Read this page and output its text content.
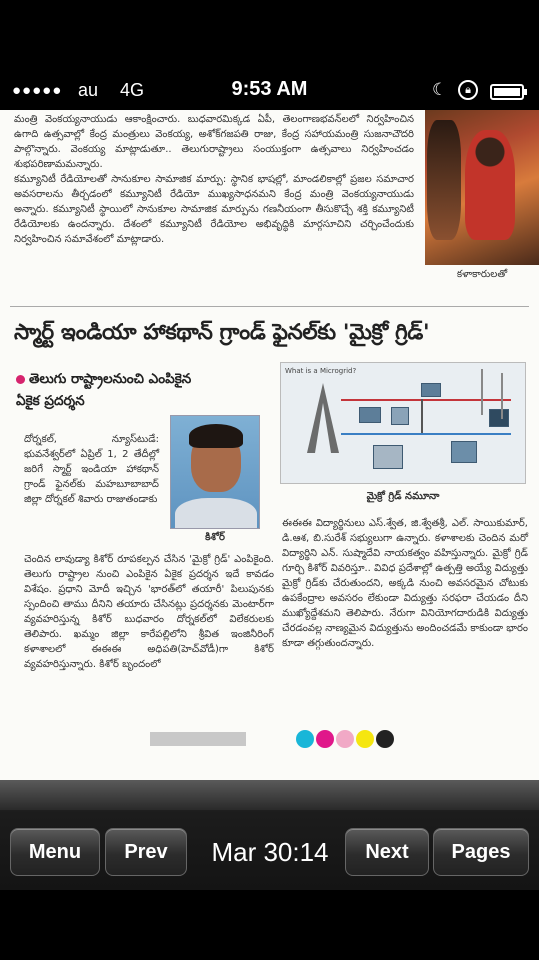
●●●●● au 4G	9:53 AM	☾	🔒︎

మంత్రి వెంకయ్యనాయుడు ఆకాంక్షించారు. బుధవారమిక్కడ ఏపీ, తెలంగాణభవన్‌లలో నిర్వహించిన ఉగాది ఉత్సవాల్లో కేంద్ర మంత్రులు వెంకయ్య, అశోక్‌గజపతి రాజు, కేంద్ర సహాయమంత్రి సుజనాచౌదరి పాల్గొన్నారు. వెంకయ్య మాట్లాడుతూ.. తెలుగురాష్ట్రాలు సంయుక్తంగా ఉత్సవాలు నిర్వహించడం శుభపరిణామమన్నారు.

కమ్యూనిటీ రేడియోలతో సానుకూల సామాజిక మార్పు: స్థానిక భాషల్లో, మాండలికాల్లో ప్రజల సమాచార అవసరాలను తీర్చడంలో కమ్యూనిటీ రేడియో ముఖ్యసాధనమని కేంద్ర మంత్రి వెంకయ్యనాయుడు అన్నారు. కమ్యూనిటీ స్థాయిలో సానుకూల సామాజిక మార్పును గణనీయంగా తీసుకొచ్చే శక్తి కమ్యూనిటీ రేడియోలకు ఉందన్నారు. దేశంలో కమ్యూనిటీ రేడియోల అభివృద్ధికి మార్గసూచిని చర్చించేందుకు నిర్వహించిన సమావేశంలో మాట్లాడారు.

కళాకారులతో
స్మార్ట్ ఇండియా హాకథాన్ గ్రాండ్ ఫైనల్‌కు 'మైక్రో గ్రిడ్'
తెలుగు రాష్ట్రాలనుంచి ఎంపికైన
ఏకైక ప్రదర్శన
దోర్నకల్, న్యూస్‌టుడే: భువనేశ్వర్‌లో ఏప్రిల్ 1, 2 తేదీల్లో జరిగే స్మార్ట్ ఇండియా హాకథాన్ గ్రాండ్ ఫైనల్‌కు మహబూబాబాద్ జిల్లా దోర్నకల్ శివారు రాజుతండాకు
కిశోర్
చెందిన లావుడ్యా కిశోర్ రూపకల్పన చేసిన 'మైక్రో గ్రిడ్' ఎంపికైంది. తెలుగు రాష్ట్రాల నుంచి ఎంపికైన ఏకైక ప్రదర్శన ఇదే కావడం విశేషం. ప్రధాని మోదీ ఇచ్చిన 'భారత్‌లో తయారీ' పిలుపునకు స్పందించి తాము దీనిని తయారు చేసినట్లు ప్రదర్శనకు మెంటార్‌గా వ్యవహరిస్తున్న కిశోర్ బుధవారం దోర్నకల్‌లో విలేకరులకు తెలిపారు. ఖమ్మం జిల్లా కారేపల్లిలోని శ్రీవిత ఇంజినీరింగ్ కళాశాలలో ఈఈఈ అధిపతి(హెచ్‌వోడీ)గా కిశోర్ వ్యవహరిస్తున్నారు. కిశోర్ బృందంలో
What is a Microgrid?
మైక్రో గ్రిడ్ నమూనా
ఈఈఈ విద్యార్థినులు ఎస్.శ్వేత, జి.శ్వేతశ్రీ, ఎల్. సాయికుమార్, డి.ఆశ, బి.సురేశ్ సభ్యులుగా ఉన్నారు. కళాశాలకు చెందిన మరో విద్యార్థిని ఎన్. సుష్మాదేవి నాయకత్వం వహిస్తున్నారు. మైక్రో గ్రిడ్ గూర్చి కిశోర్ వివరిస్తూ.. వివిధ ప్రదేశాల్లో ఉత్పత్తి అయ్యే విద్యుత్తు మైక్రో గ్రిడ్‌కు చేరుతుందని, అక్కడి నుంచి అవసరమైన చోటుకు ఉపకేంద్రాల అవసరం లేకుండా విద్యుత్తు సరఫరా చేయడం దీని ముఖ్యోద్దేశమని తెలిపారు. నేరుగా వినియోగదారుడికి విద్యుత్తు చేరడంవల్ల నాణ్యమైన విద్యుత్తును అందించడమే కాకుండా భారం కూడా తగ్గుతుందన్నారు.
Menu	Prev	Mar 30:14	Next	Pages
